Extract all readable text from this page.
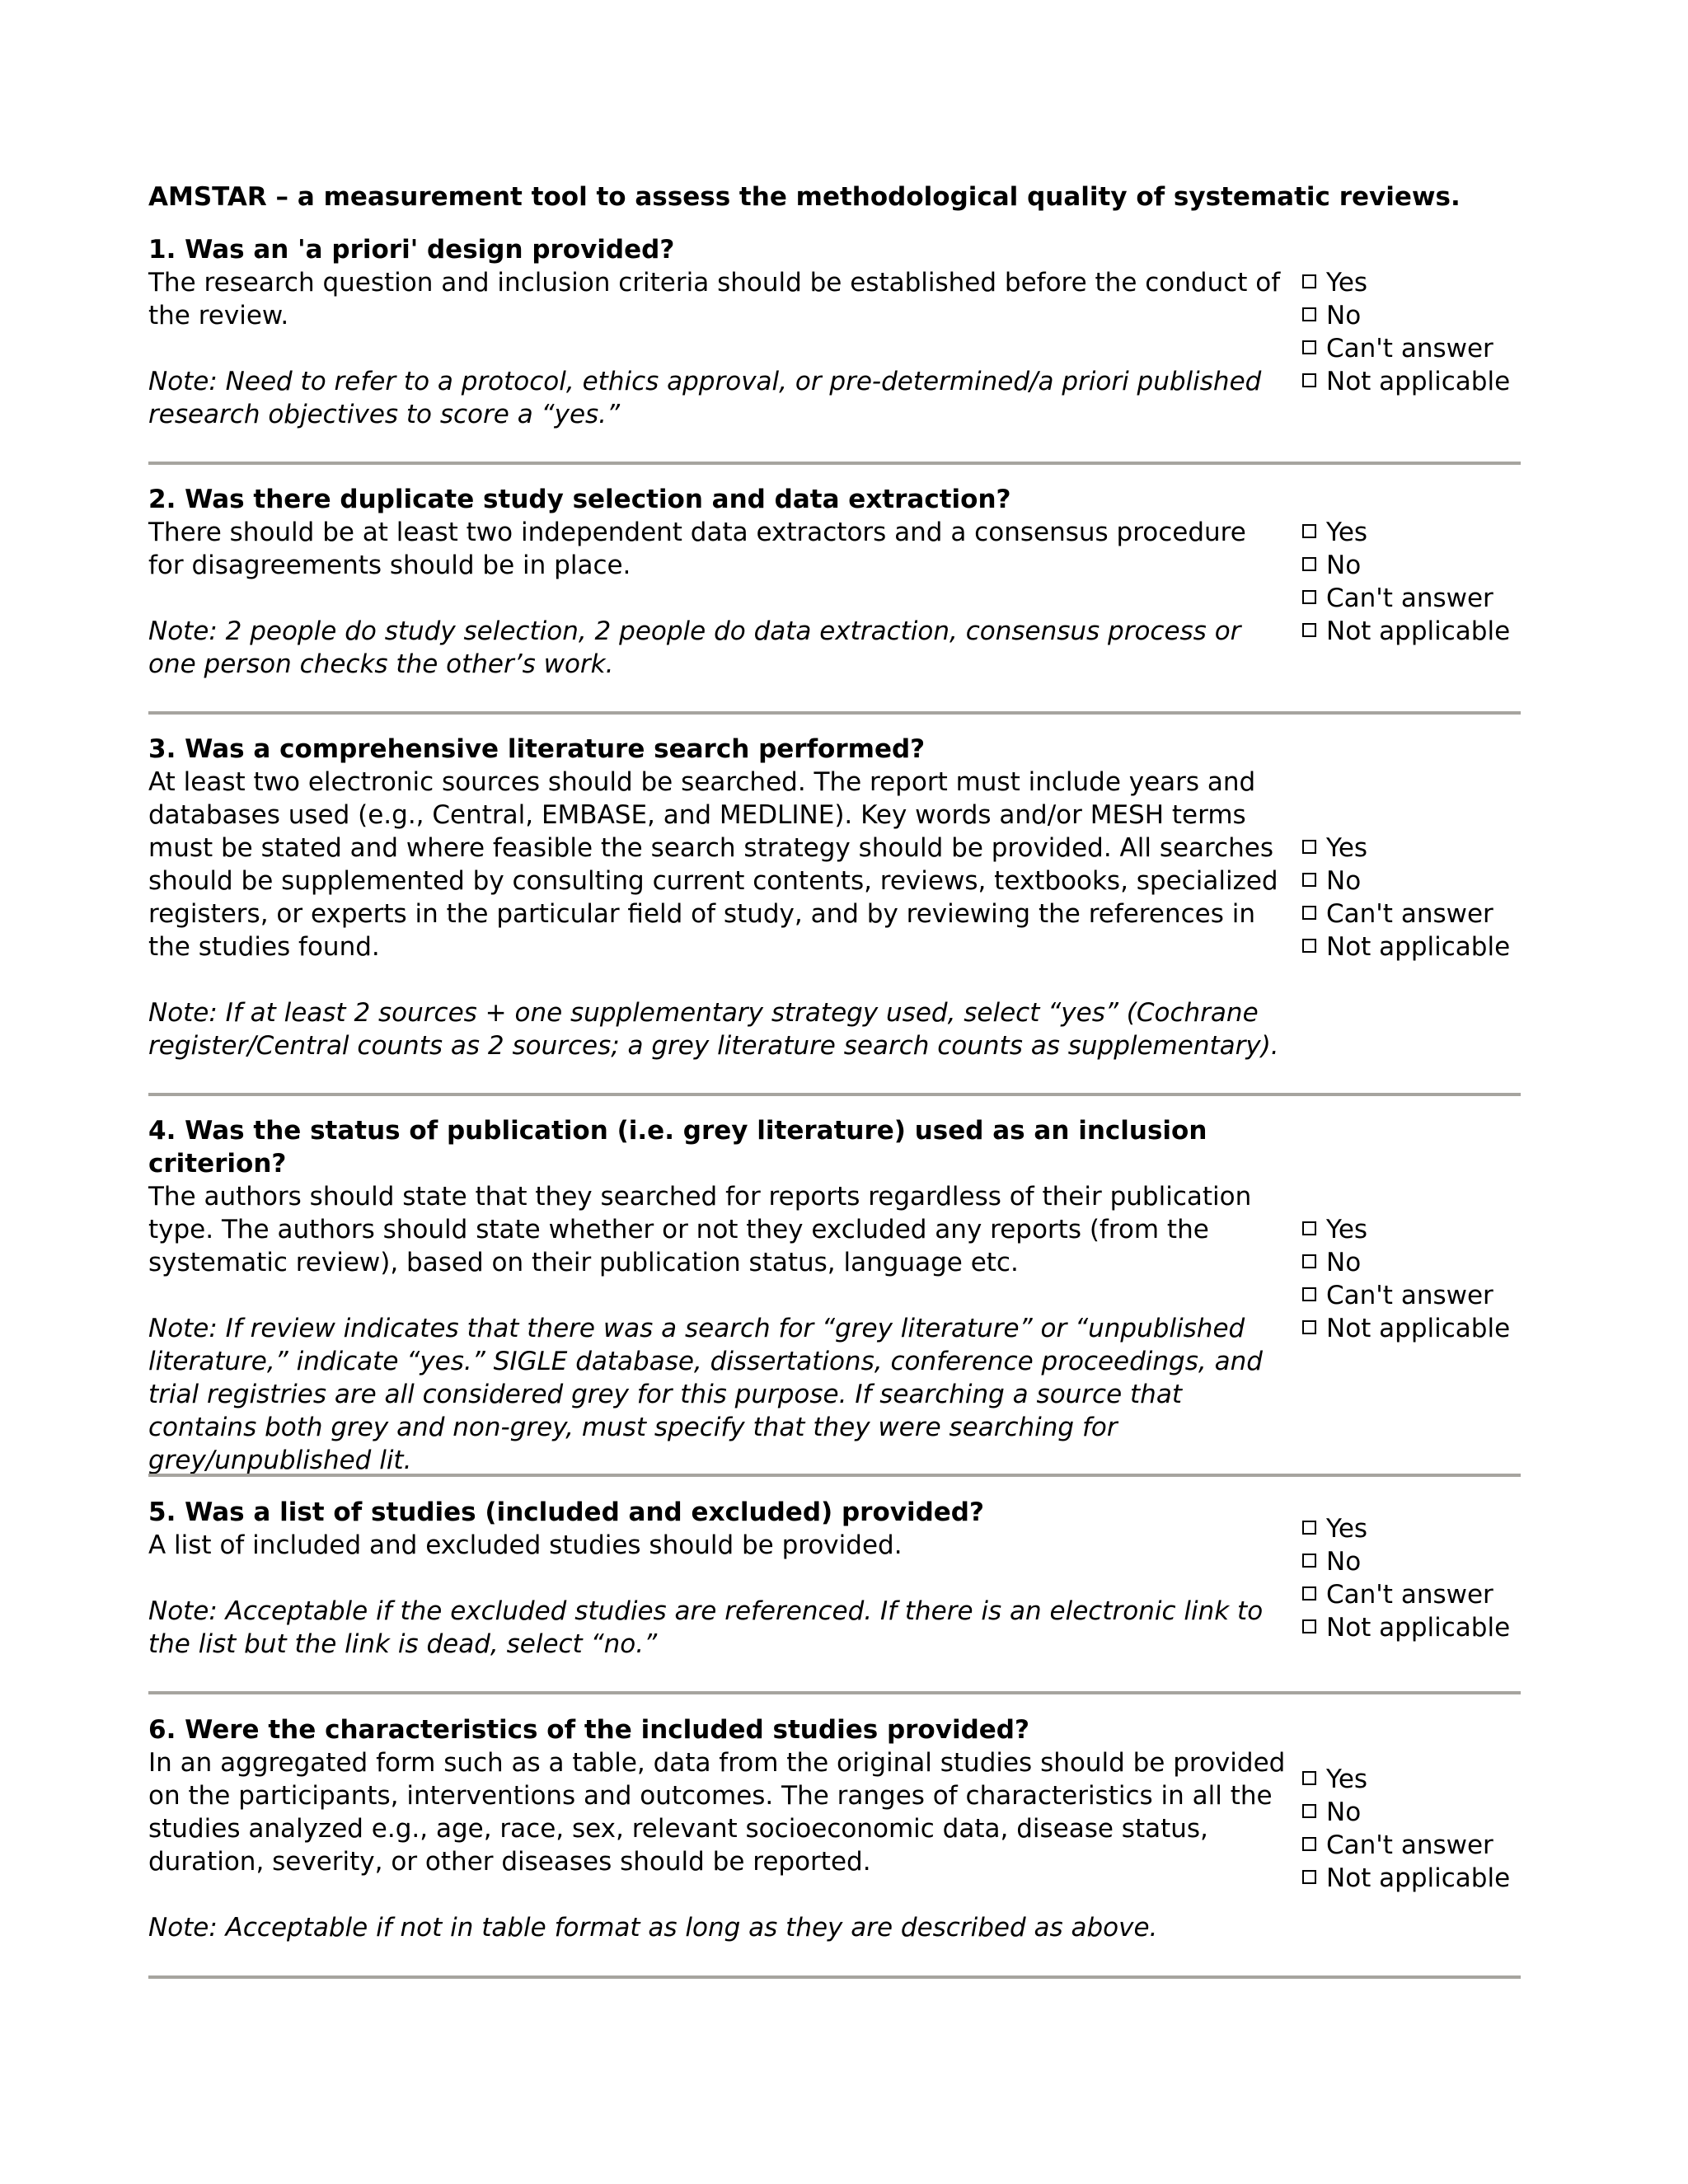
AMSTAR – a measurement tool to assess the methodological quality of systematic reviews.

1. Was an 'a priori' design provided?

The research question and inclusion criteria should be established before the conduct of the review.

Note: Need to refer to a protocol, ethics approval, or pre-determined/a priori published research objectives to score a “yes.”

Yes
No
Can't answer
Not applicable

2. Was there duplicate study selection and data extraction?

There should be at least two independent data extractors and a consensus procedure for disagreements should be in place.

Note: 2 people do study selection, 2 people do data extraction, consensus process or one person checks the other’s work.

Yes
No
Can't answer
Not applicable

3. Was a comprehensive literature search performed?

At least two electronic sources should be searched. The report must include years and databases used (e.g., Central, EMBASE, and MEDLINE). Key words and/or MESH terms must be stated and where feasible the search strategy should be provided. All searches should be supplemented by consulting current contents, reviews, textbooks, specialized registers, or experts in the particular field of study, and by reviewing the references in the studies found.

Note: If at least 2 sources + one supplementary strategy used, select “yes” (Cochrane register/Central counts as 2 sources; a grey literature search counts as supplementary).

Yes
No
Can't answer
Not applicable

4. Was the status of publication (i.e. grey literature) used as an inclusion criterion?

The authors should state that they searched for reports regardless of their publication type. The authors should state whether or not they excluded any reports (from the systematic review), based on their publication status, language etc.

Note: If review indicates that there was a search for “grey literature” or “unpublished literature,” indicate “yes.” SIGLE database, dissertations, conference proceedings, and trial registries are all considered grey for this purpose. If searching a source that contains both grey and non-grey, must specify that they were searching for grey/unpublished lit.

Yes
No
Can't answer
Not applicable

5. Was a list of studies (included and excluded) provided?

A list of included and excluded studies should be provided.

Note: Acceptable if the excluded studies are referenced. If there is an electronic link to the list but the link is dead, select “no.”

Yes
No
Can't answer
Not applicable

6. Were the characteristics of the included studies provided?

In an aggregated form such as a table, data from the original studies should be provided on the participants, interventions and outcomes. The ranges of characteristics in all the studies analyzed e.g., age, race, sex, relevant socioeconomic data, disease status, duration, severity, or other diseases should be reported.

Note: Acceptable if not in table format as long as they are described as above.

Yes
No
Can't answer
Not applicable
